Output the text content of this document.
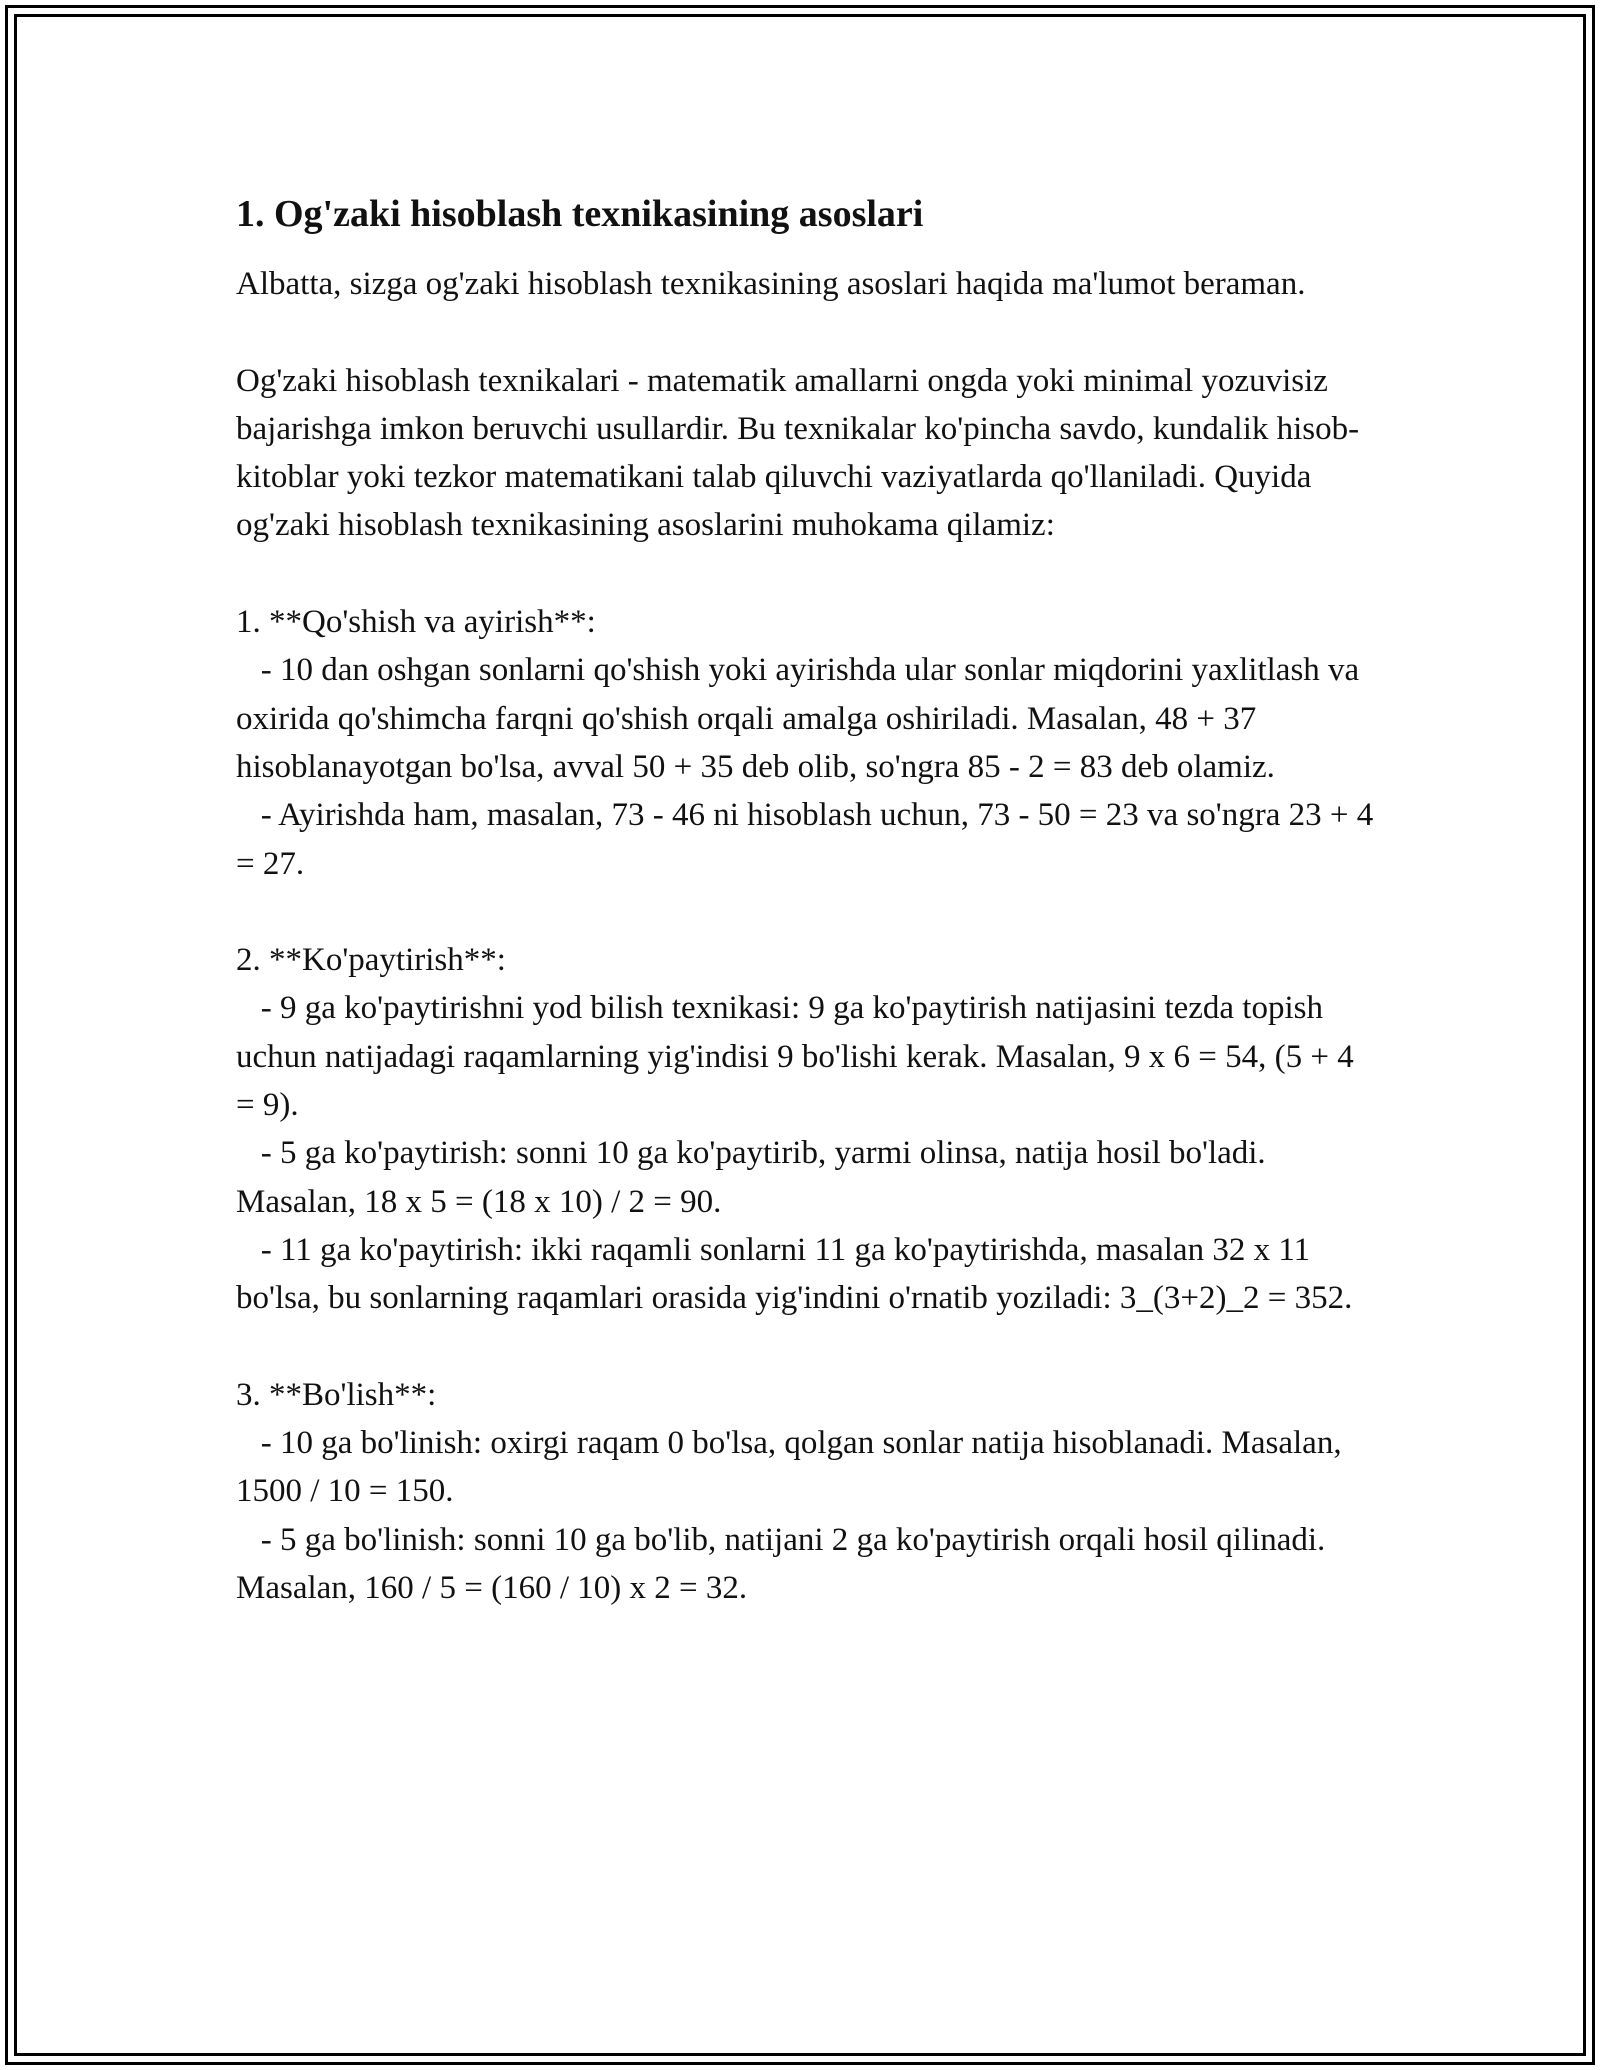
1. Og'zaki hisoblash texnikasining asoslari

Albatta, sizga og'zaki hisoblash texnikasining asoslari haqida ma'lumot beraman.

Og'zaki hisoblash texnikalari - matematik amallarni ongda yoki minimal yozuvisiz bajarishga imkon beruvchi usullardir. Bu texnikalar ko'pincha savdo, kundalik hisob-kitoblar yoki tezkor matematikani talab qiluvchi vaziyatlarda qo'llaniladi. Quyida og'zaki hisoblash texnikasining asoslarini muhokama qilamiz:

1. **Qo'shish va ayirish**:

- 10 dan oshgan sonlarni qo'shish yoki ayirishda ular sonlar miqdorini yaxlitlash va oxirida qo'shimcha farqni qo'shish orqali amalga oshiriladi. Masalan, 48 + 37 hisoblanayotgan bo'lsa, avval 50 + 35 deb olib, so'ngra 85 - 2 = 83 deb olamiz.

- Ayirishda ham, masalan, 73 - 46 ni hisoblash uchun, 73 - 50 = 23 va so'ngra 23 + 4 = 27.

2. **Ko'paytirish**:

- 9 ga ko'paytirishni yod bilish texnikasi: 9 ga ko'paytirish natijasini tezda topish uchun natijadagi raqamlarning yig'indisi 9 bo'lishi kerak. Masalan, 9 x 6 = 54, (5 + 4 = 9).

- 5 ga ko'paytirish: sonni 10 ga ko'paytirib, yarmi olinsa, natija hosil bo'ladi. Masalan, 18 x 5 = (18 x 10) / 2 = 90.

- 11 ga ko'paytirish: ikki raqamli sonlarni 11 ga ko'paytirishda, masalan 32 x 11 bo'lsa, bu sonlarning raqamlari orasida yig'indini o'rnatib yoziladi: 3_(3+2)_2 = 352.

3. **Bo'lish**:

- 10 ga bo'linish: oxirgi raqam 0 bo'lsa, qolgan sonlar natija hisoblanadi. Masalan, 1500 / 10 = 150.

- 5 ga bo'linish: sonni 10 ga bo'lib, natijani 2 ga ko'paytirish orqali hosil qilinadi. Masalan, 160 / 5 = (160 / 10) x 2 = 32.
